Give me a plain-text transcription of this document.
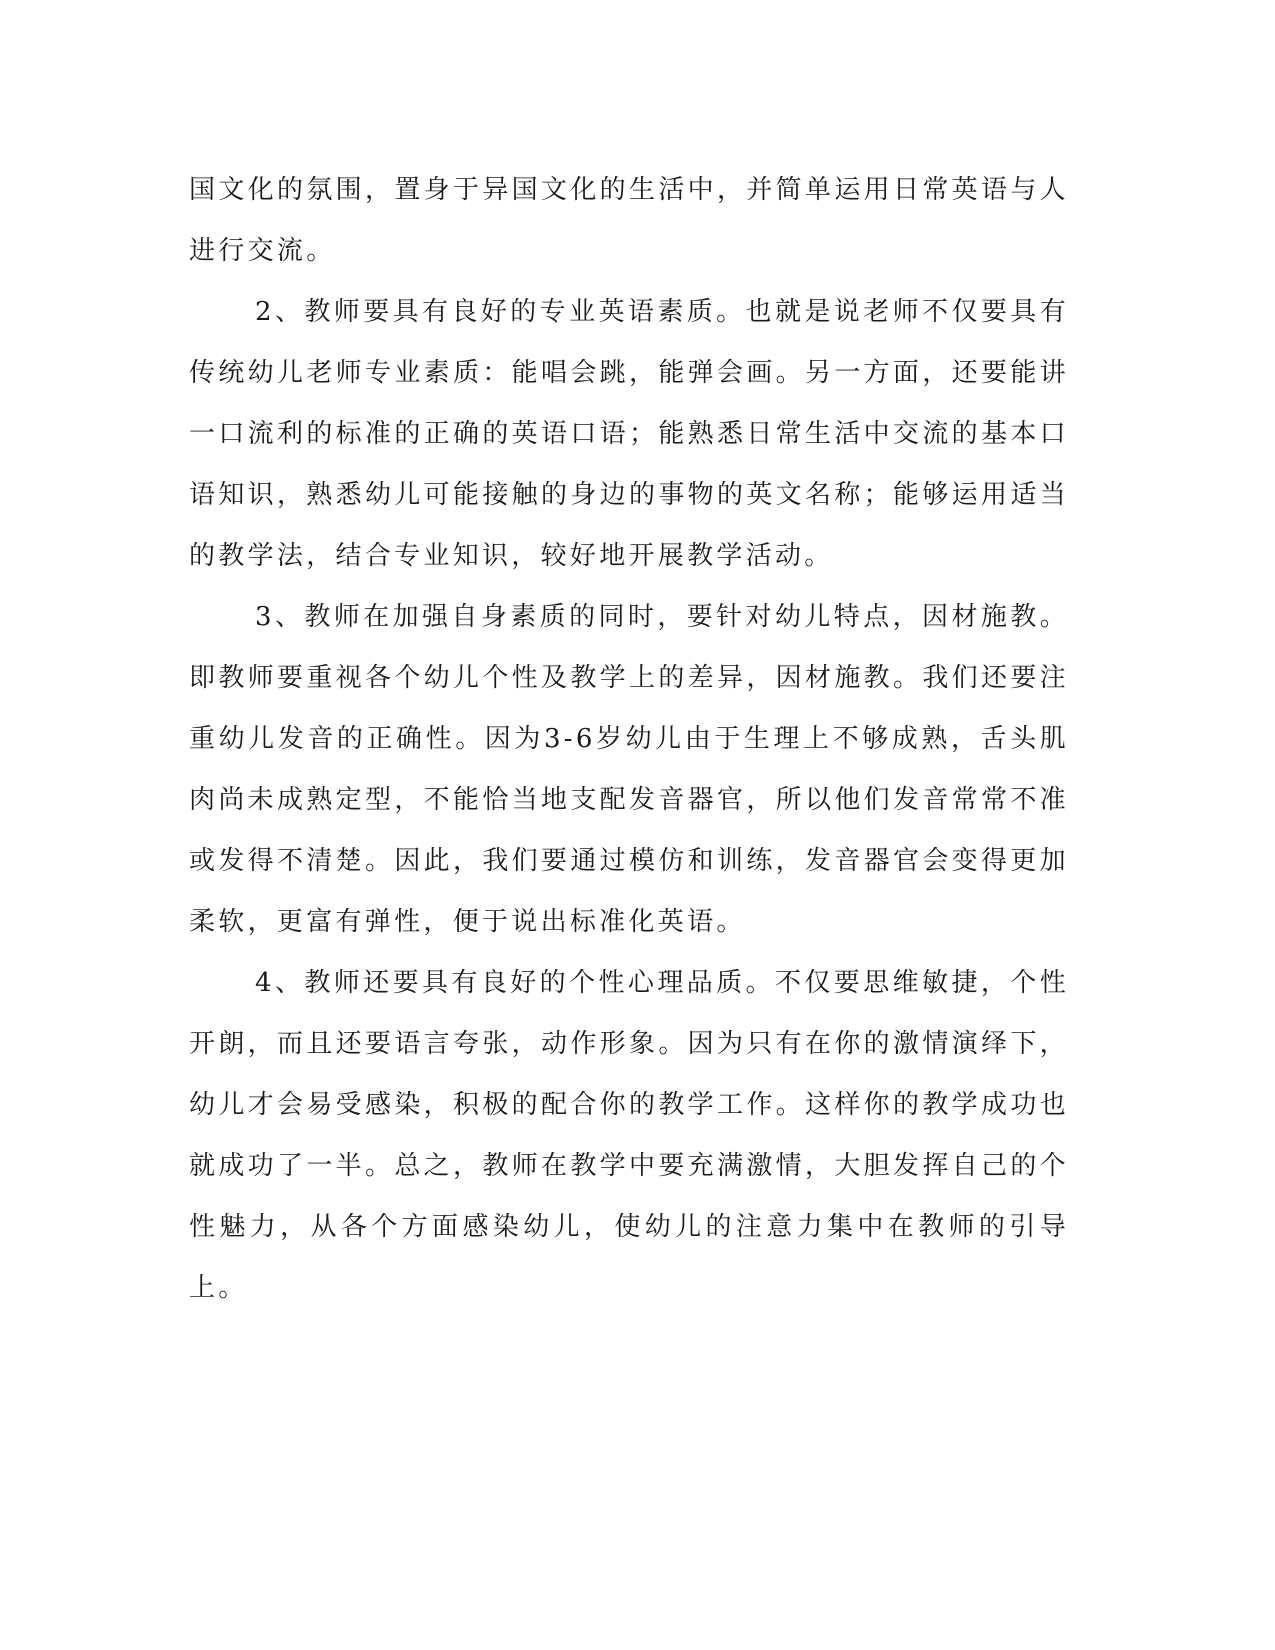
国文化的氛围，置身于异国文化的生活中，并简单运用日常英语与人进行交流。

2、教师要具有良好的专业英语素质。也就是说老师不仅要具有传统幼儿老师专业素质：能唱会跳，能弹会画。另一方面，还要能讲一口流利的标准的正确的英语口语；能熟悉日常生活中交流的基本口语知识，熟悉幼儿可能接触的身边的事物的英文名称；能够运用适当的教学法，结合专业知识，较好地开展教学活动。

3、教师在加强自身素质的同时，要针对幼儿特点，因材施教。即教师要重视各个幼儿个性及教学上的差异，因材施教。我们还要注重幼儿发音的正确性。因为3-6岁幼儿由于生理上不够成熟，舌头肌肉尚未成熟定型，不能恰当地支配发音器官，所以他们发音常常不准或发得不清楚。因此，我们要通过模仿和训练，发音器官会变得更加柔软，更富有弹性，便于说出标准化英语。

4、教师还要具有良好的个性心理品质。不仅要思维敏捷，个性开朗，而且还要语言夸张，动作形象。因为只有在你的激情演绎下，幼儿才会易受感染，积极的配合你的教学工作。这样你的教学成功也就成功了一半。总之，教师在教学中要充满激情，大胆发挥自己的个性魅力，从各个方面感染幼儿，使幼儿的注意力集中在教师的引导上。
